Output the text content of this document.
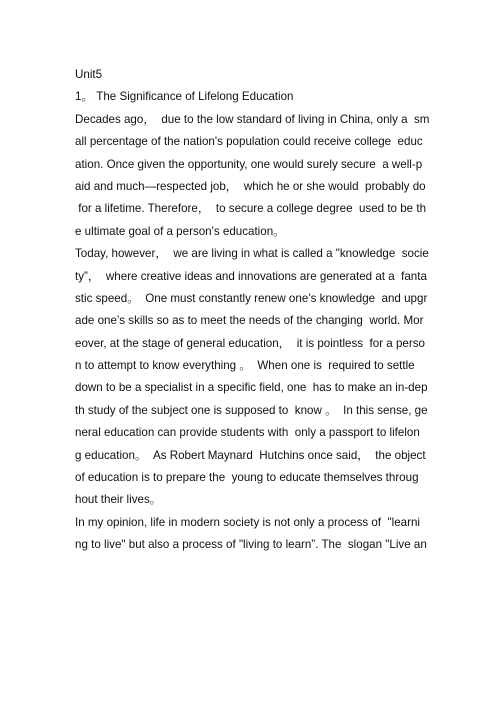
Unit5
1。 The Significance of Lifelong Education
Decades ago，  due to the low standard of living in China, only a  sm
all percentage of the nation's population could receive college  educ
ation. Once given the opportunity, one would surely secure  a well-p
aid and much—respected job，  which he or she would  probably do
for a lifetime. Therefore，  to secure a college degree  used to be th
e ultimate goal of a person's education。
Today, however，  we are living in what is called a "knowledge  socie
ty”，  where creative ideas and innovations are generated at a  fanta
stic speed。  One must constantly renew one’s knowledge  and upgr
ade one’s skills so as to meet the needs of the changing  world. Mor
eover, at the stage of general education，  it is pointless  for a perso
n to attempt to know everything 。  When one is  required to settle
down to be a specialist in a specific field, one  has to make an in-dep
th study of the subject one is supposed to  know 。  In this sense, ge
neral education can provide students with  only a passport to lifelon
g education。  As Robert Maynard  Hutchins once said，  the object
of education is to prepare the  young to educate themselves throug
hout their lives。
In my opinion, life in modern society is not only a process of  "learni
ng to live" but also a process of "living to learn”. The  slogan "Live an
